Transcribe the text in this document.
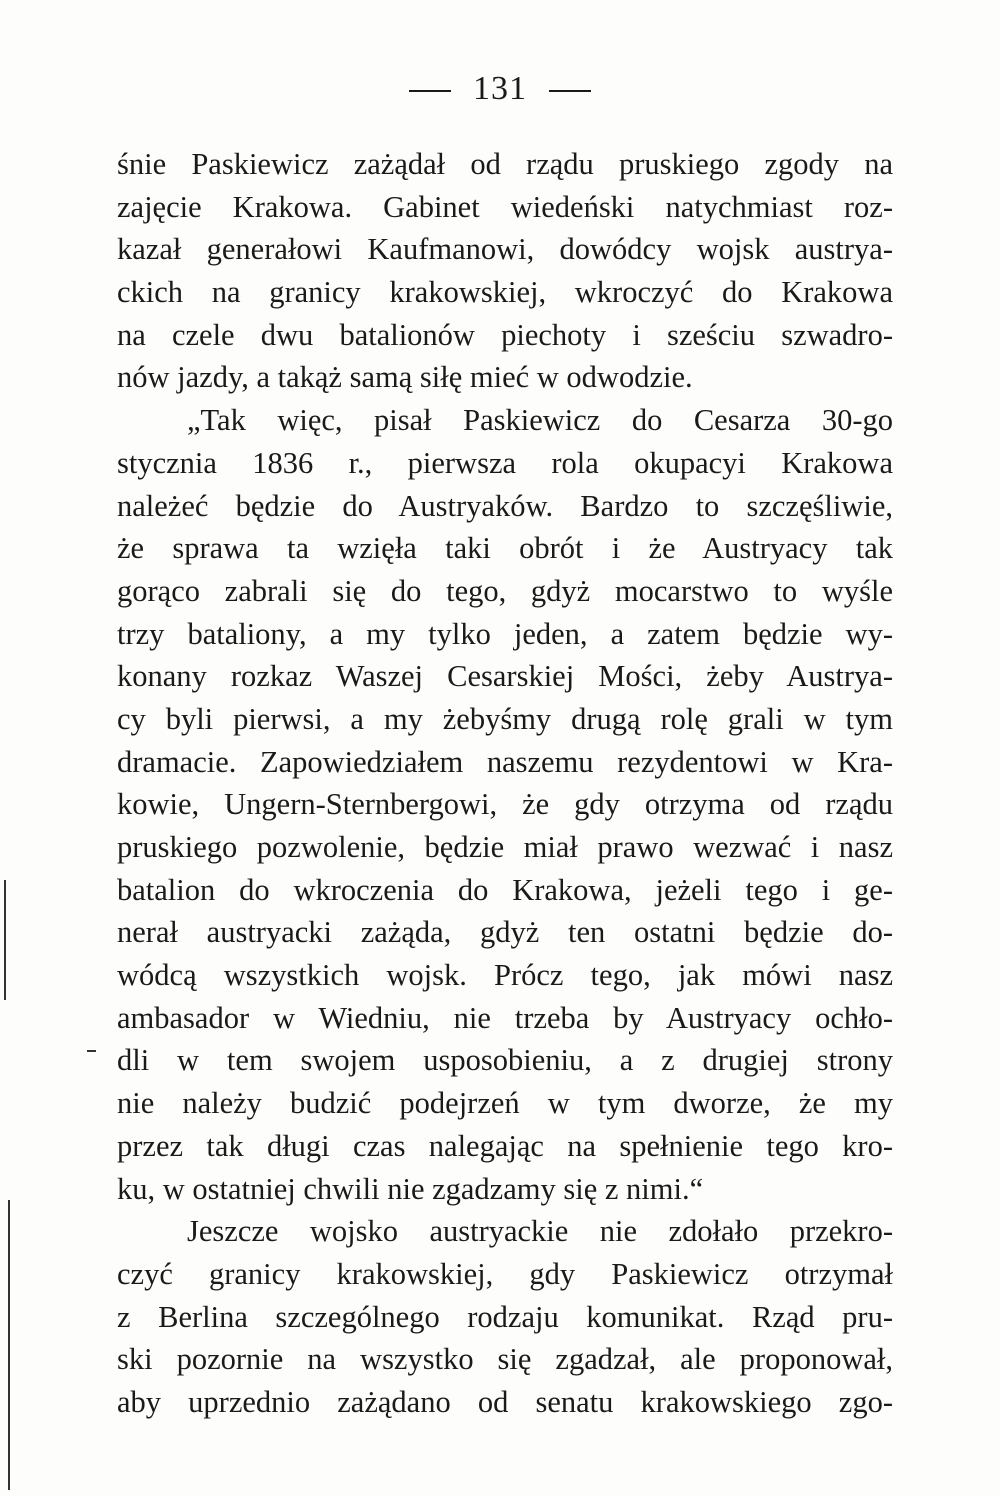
131
śnie Paskiewicz zażądał od rządu pruskiego zgody na
zajęcie Krakowa. Gabinet wiedeński natychmiast roz-
kazał generałowi Kaufmanowi, dowódcy wojsk austrya-
ckich na granicy krakowskiej, wkroczyć do Krakowa
na czele dwu batalionów piechoty i sześciu szwadro-
nów jazdy, a takąż samą siłę mieć w odwodzie.
„Tak więc, pisał Paskiewicz do Cesarza 30-go
stycznia 1836 r., pierwsza rola okupacyi Krakowa
należeć będzie do Austryaków. Bardzo to szczęśliwie,
że sprawa ta wzięła taki obrót i że Austryacy tak
gorąco zabrali się do tego, gdyż mocarstwo to wyśle
trzy bataliony, a my tylko jeden, a zatem będzie wy-
konany rozkaz Waszej Cesarskiej Mości, żeby Austrya-
cy byli pierwsi, a my żebyśmy drugą rolę grali w tym
dramacie. Zapowiedziałem naszemu rezydentowi w Kra-
kowie, Ungern-Sternbergowi, że gdy otrzyma od rządu
pruskiego pozwolenie, będzie miał prawo wezwać i nasz
batalion do wkroczenia do Krakowa, jeżeli tego i ge-
nerał austryacki zażąda, gdyż ten ostatni będzie do-
wódcą wszystkich wojsk. Prócz tego, jak mówi nasz
ambasador w Wiedniu, nie trzeba by Austryacy ochło-
dli w tem swojem usposobieniu, a z drugiej strony
nie należy budzić podejrzeń w tym dworze, że my
przez tak długi czas nalegając na spełnienie tego kro-
ku, w ostatniej chwili nie zgadzamy się z nimi.“
Jeszcze wojsko austryackie nie zdołało przekro-
czyć granicy krakowskiej, gdy Paskiewicz otrzymał
z Berlina szczególnego rodzaju komunikat. Rząd pru-
ski pozornie na wszystko się zgadzał, ale proponował,
aby uprzednio zażądano od senatu krakowskiego zgo-
